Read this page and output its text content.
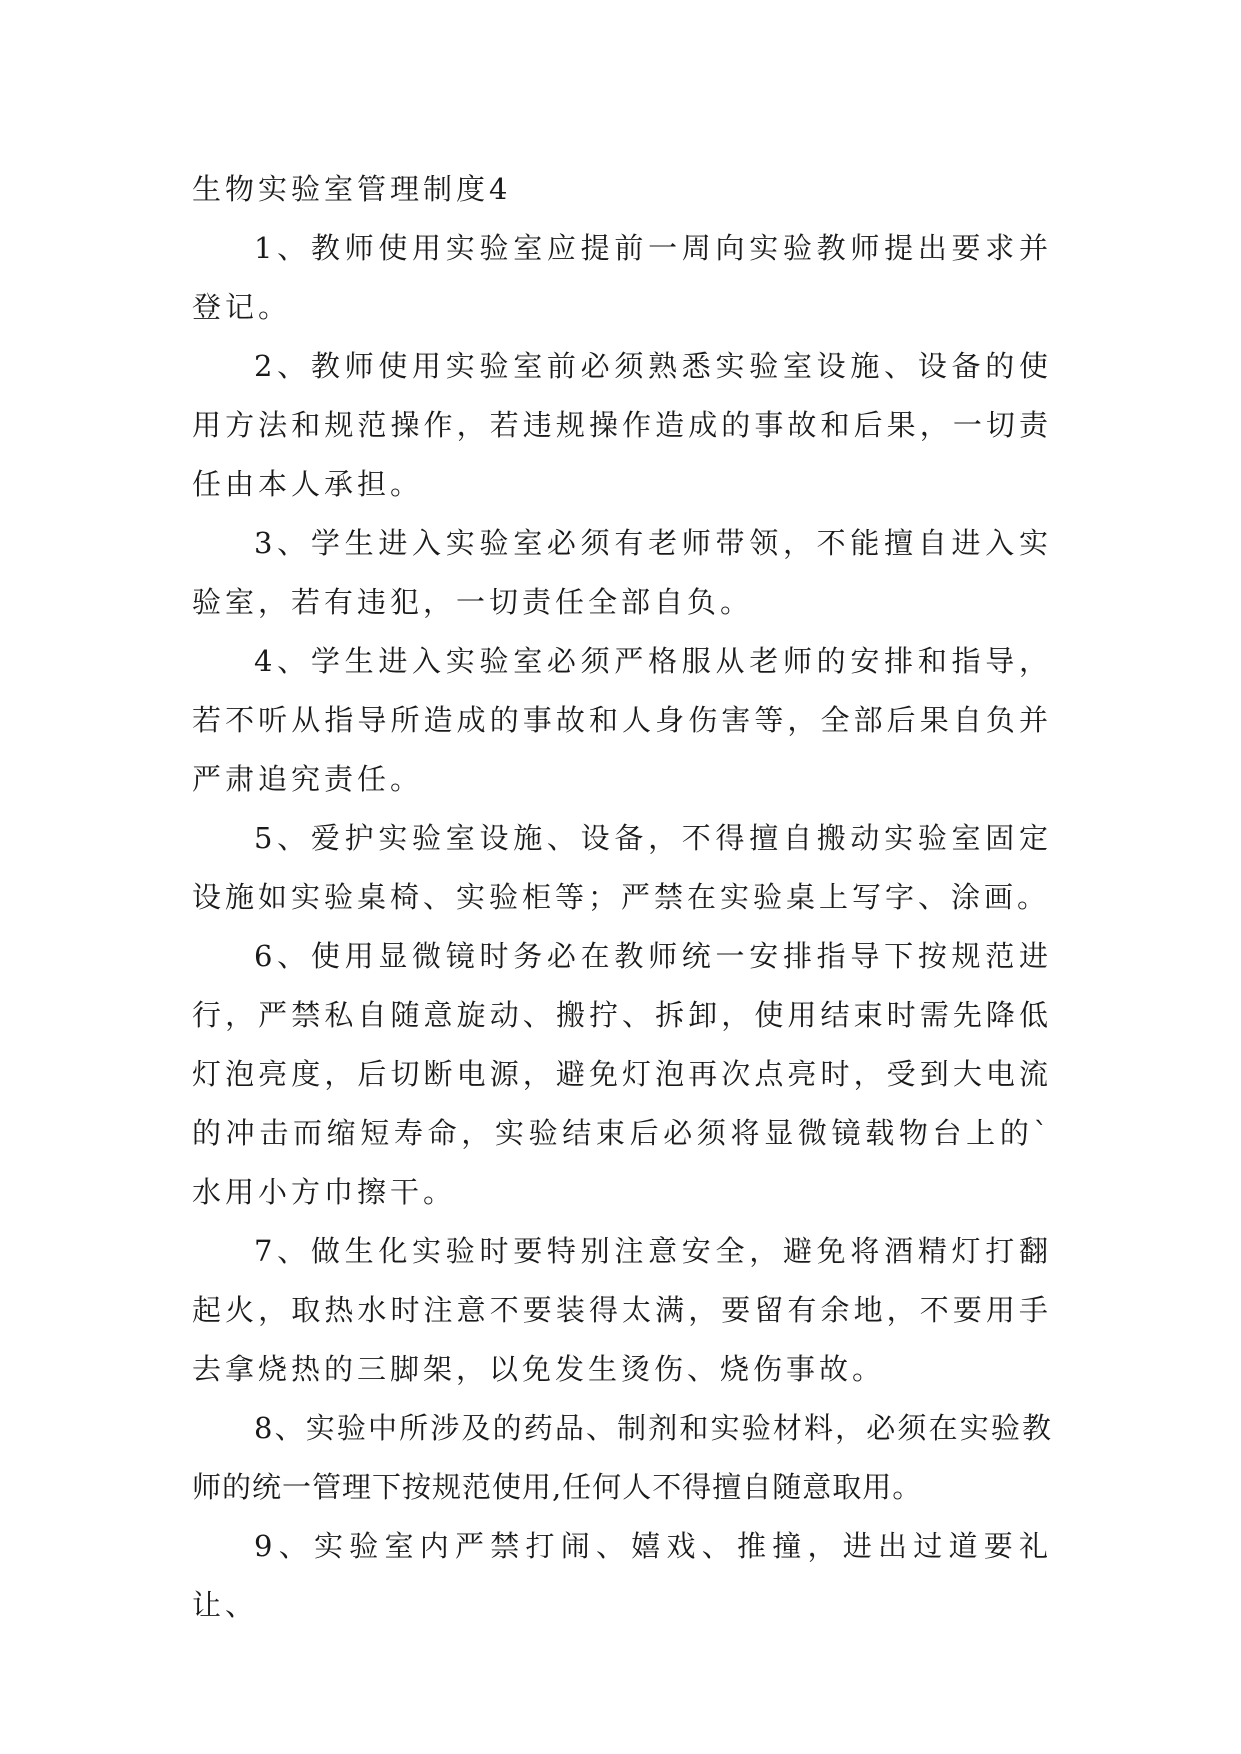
生物实验室管理制度4

1、教师使用实验室应提前一周向实验教师提出要求并登记。

2、教师使用实验室前必须熟悉实验室设施、设备的使用方法和规范操作，若违规操作造成的事故和后果，一切责任由本人承担。

3、学生进入实验室必须有老师带领，不能擅自进入实验室，若有违犯，一切责任全部自负。

4、学生进入实验室必须严格服从老师的安排和指导，若不听从指导所造成的事故和人身伤害等，全部后果自负并严肃追究责任。

5、爱护实验室设施、设备，不得擅自搬动实验室固定设施如实验桌椅、实验柜等；严禁在实验桌上写字、涂画。

6、使用显微镜时务必在教师统一安排指导下按规范进行，严禁私自随意旋动、搬拧、拆卸，使用结束时需先降低灯泡亮度，后切断电源，避免灯泡再次点亮时，受到大电流的冲击而缩短寿命，实验结束后必须将显微镜载物台上的`水用小方巾擦干。

7、做生化实验时要特别注意安全，避免将酒精灯打翻起火，取热水时注意不要装得太满，要留有余地，不要用手去拿烧热的三脚架，以免发生烫伤、烧伤事故。

8、实验中所涉及的药品、制剂和实验材料，必须在实验教师的统一管理下按规范使用,任何人不得擅自随意取用。

9、实验室内严禁打闹、嬉戏、推撞，进出过道要礼让、
